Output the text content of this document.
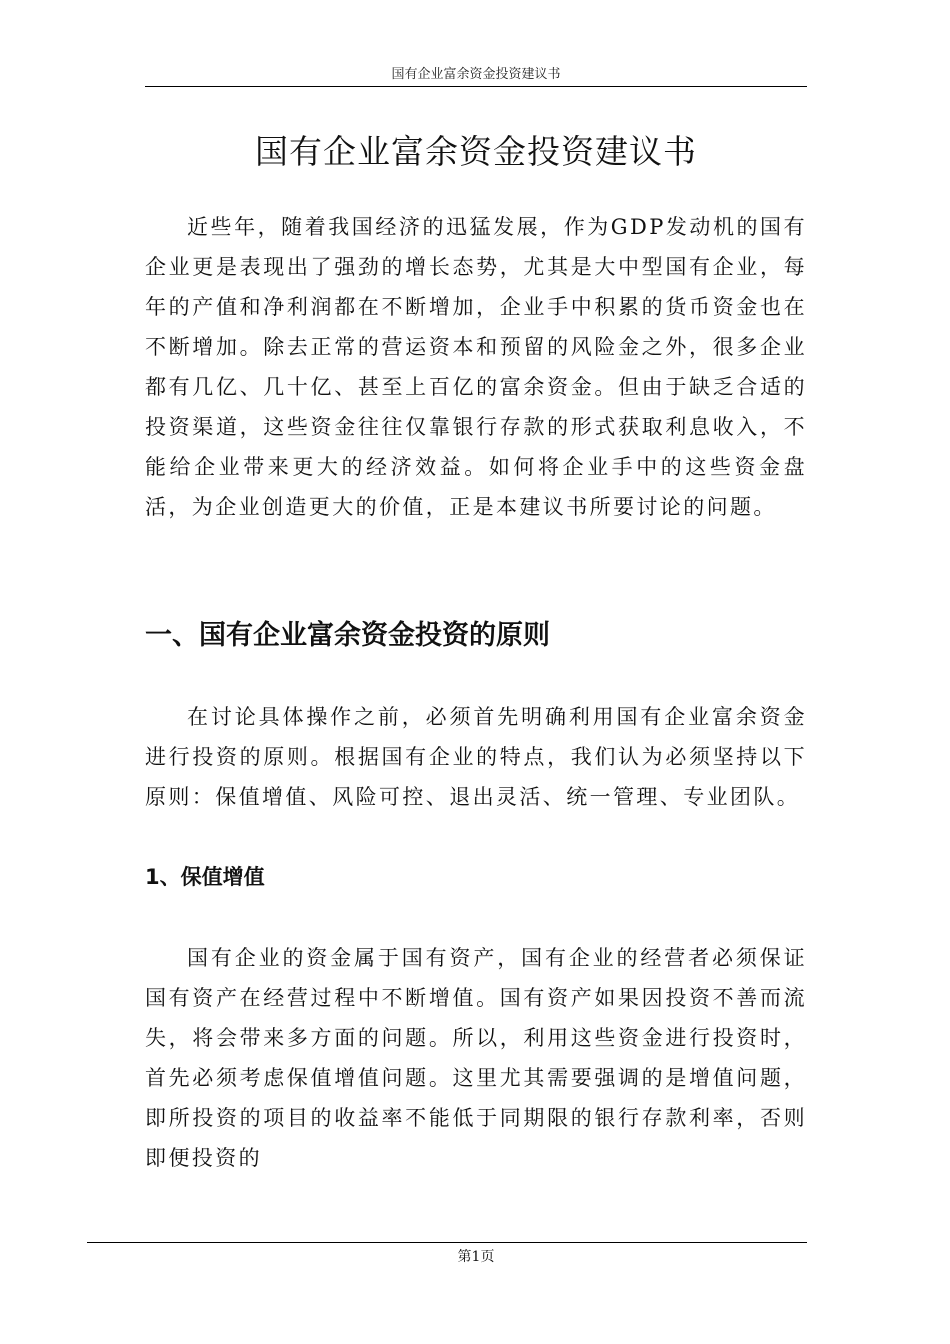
国有企业富余资金投资建议书
国有企业富余资金投资建议书

近些年，随着我国经济的迅猛发展，作为GDP发动机的国有企业更是表现出了强劲的增长态势，尤其是大中型国有企业，每年的产值和净利润都在不断增加，企业手中积累的货币资金也在不断增加。除去正常的营运资本和预留的风险金之外，很多企业都有几亿、几十亿、甚至上百亿的富余资金。但由于缺乏合适的投资渠道，这些资金往往仅靠银行存款的形式获取利息收入，不能给企业带来更大的经济效益。如何将企业手中的这些资金盘活，为企业创造更大的价值，正是本建议书所要讨论的问题。

一、国有企业富余资金投资的原则

在讨论具体操作之前，必须首先明确利用国有企业富余资金进行投资的原则。根据国有企业的特点，我们认为必须坚持以下原则：保值增值、风险可控、退出灵活、统一管理、专业团队。

1、保值增值

国有企业的资金属于国有资产，国有企业的经营者必须保证国有资产在经营过程中不断增值。国有资产如果因投资不善而流失，将会带来多方面的问题。所以，利用这些资金进行投资时，首先必须考虑保值增值问题。这里尤其需要强调的是增值问题，即所投资的项目的收益率不能低于同期限的银行存款利率，否则即便投资的

第1页
